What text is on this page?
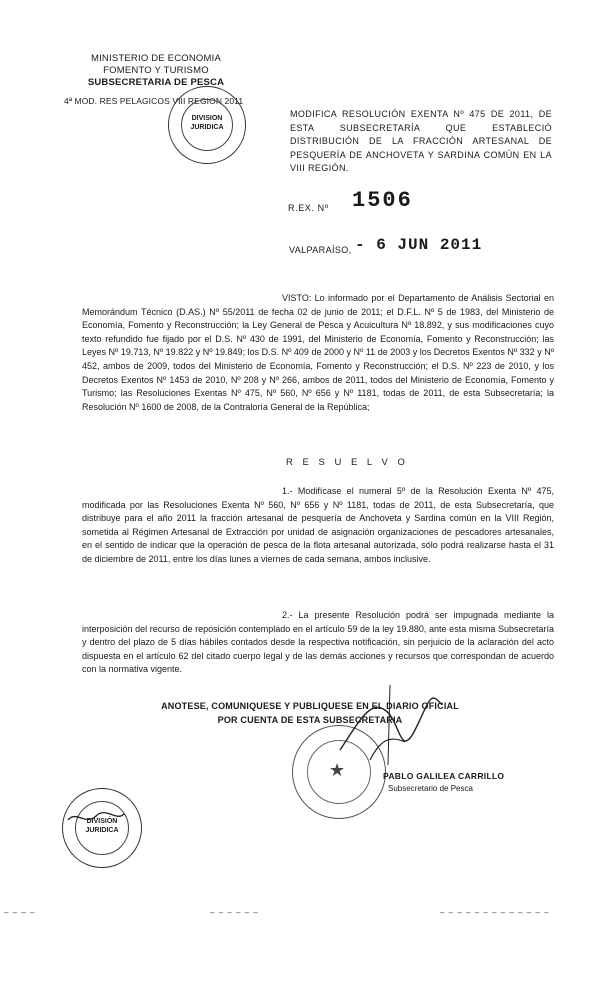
MINISTERIO DE ECONOMIA
FOMENTO Y TURISMO
SUBSECRETARIA DE PESCA
4ª MOD. RES PELAGICOS VIII REGION 2011
DIVISION
JURIDICA
MODIFICA RESOLUCIÓN EXENTA Nº 475 DE 2011, DE ESTA SUBSECRETARÍA QUE ESTABLECIÓ DISTRIBUCIÓN DE LA FRACCIÓN ARTESANAL DE PESQUERÍA DE ANCHOVETA Y SARDINA COMÚN EN LA VIII REGIÓN.
R.EX. Nº 1506
VALPARAÍSO, - 6 JUN 2011
VISTO: Lo informado por el Departamento de Análisis Sectorial en Memorándum Técnico (D.AS.) Nº 55/2011 de fecha 02 de junio de 2011; el D.F.L. Nº 5 de 1983, del Ministerio de Economía, Fomento y Reconstrucción; la Ley General de Pesca y Acuicultura Nº 18.892, y sus modificaciones cuyo texto refundido fue fijado por el D.S. Nº 430 de 1991, del Ministerio de Economía, Fomento y Reconstrucción; las Leyes Nº 19.713, Nº 19.822 y Nº 19.849; los D.S. Nº 409 de 2000 y Nº 11 de 2003 y los Decretos Exentos Nº 332 y Nº 452, ambos de 2009, todos del Ministerio de Economía, Fomento y Reconstrucción; el D.S. Nº 223 de 2010, y los Decretos Exentos Nº 1453 de 2010, Nº 208 y Nº 266, ambos de 2011, todos del Ministerio de Economía, Fomento y Turismo; las Resoluciones Exentas Nº 475, Nº 560, Nº 656 y Nº 1181, todas de 2011, de esta Subsecretaría; la Resolución Nº 1600 de 2008, de la Contraloría General de la República;
R E S U E L V O
1.- Modifícase el numeral 5º de la Resolución Exenta Nº 475, modificada por las Resoluciones Exenta Nº 560, Nº 656 y Nº 1181, todas de 2011, de esta Subsecretaría, que distribuye para el año 2011 la fracción artesanal de pesquería de Anchoveta y Sardina común en la VIII Región, sometida al Régimen Artesanal de Extracción por unidad de asignación organizaciones de pescadores artesanales, en el sentido de indicar que la operación de pesca de la flota artesanal autorizada, sólo podrá realizarse hasta el 31 de diciembre de 2011, entre los días lunes a viernes de cada semana, ambos inclusive.
2.- La presente Resolución podrá ser impugnada mediante la interposición del recurso de reposición contemplado en el artículo 59 de la ley 19.880, ante esta misma Subsecretaría y dentro del plazo de 5 días hábiles contados desde la respectiva notificación, sin perjuicio de la aclaración del acto dispuesta en el artículo 62 del citado cuerpo legal y de las demás acciones y recursos que correspondan de acuerdo con la normativa vigente.
ANOTESE, COMUNIQUESE Y PUBLIQUESE EN EL DIARIO OFICIAL
POR CUENTA DE ESTA SUBSECRETARIA
★	PABLO GALILEA CARRILLO
Subsecretario de Pesca
DIVISIÓN
JURIDICA
– – – –	– – – – – –	– – – – – – – – – – – – –
